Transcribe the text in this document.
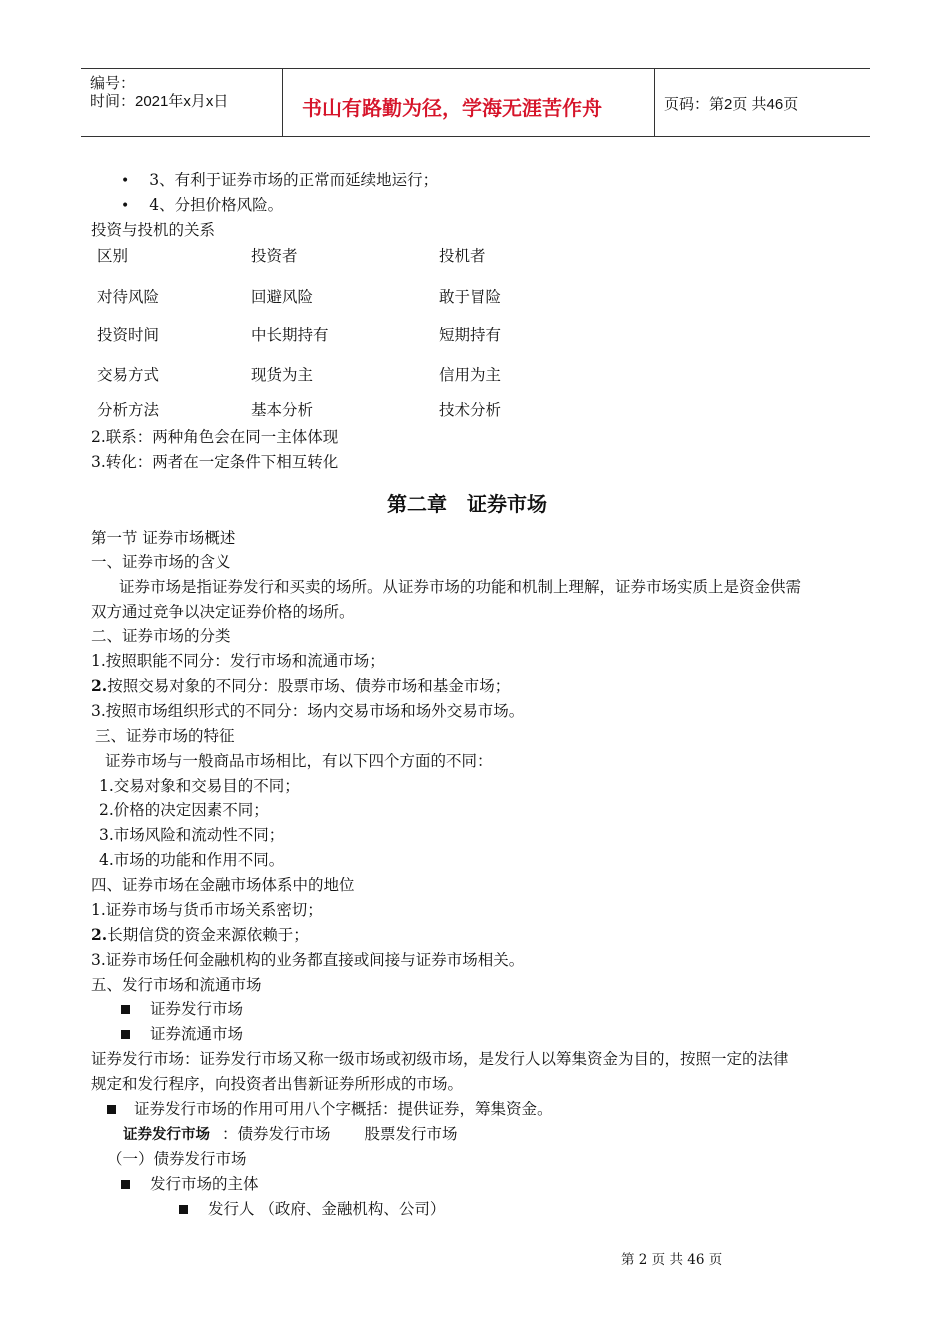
编号：
时间：2021年x月x日	书山有路勤为径，学海无涯苦作舟	页码：第2页 共46页
• 3、有利于证券市场的正常而延续地运行；
• 4、分担价格风险。
投资与投机的关系
区别	投资者	投机者
对待风险	回避风险	敢于冒险
投资时间	中长期持有	短期持有
交易方式	现货为主	信用为主
分析方法	基本分析	技术分析
2.联系：两种角色会在同一主体体现
3.转化：两者在一定条件下相互转化
第二章　证券市场
第一节 证券市场概述
一、证券市场的含义
证券市场是指证券发行和买卖的场所。从证券市场的功能和机制上理解，证券市场实质上是资金供需
双方通过竞争以决定证券价格的场所。
二、证券市场的分类
1.按照职能不同分：发行市场和流通市场；
2.按照交易对象的不同分：股票市场、债券市场和基金市场；
3.按照市场组织形式的不同分：场内交易市场和场外交易市场。
三、证券市场的特征
证券市场与一般商品市场相比，有以下四个方面的不同：
1.交易对象和交易目的不同；
2.价格的决定因素不同；
3.市场风险和流动性不同；
4.市场的功能和作用不同。
四、证券市场在金融市场体系中的地位
1.证券市场与货币市场关系密切；
2.长期信贷的资金来源依赖于；
3.证券市场任何金融机构的业务都直接或间接与证券市场相关。
五、发行市场和流通市场
证券发行市场
证券流通市场
证券发行市场：证券发行市场又称一级市场或初级市场，是发行人以筹集资金为目的，按照一定的法律
规定和发行程序，向投资者出售新证券所形成的市场。
证券发行市场的作用可用八个字概括：提供证券，筹集资金。
证券发行市场 ：债券发行市场 股票发行市场
（一）债券发行市场
发行市场的主体
发行人 （政府、金融机构、公司）
第 2 页 共 46 页
